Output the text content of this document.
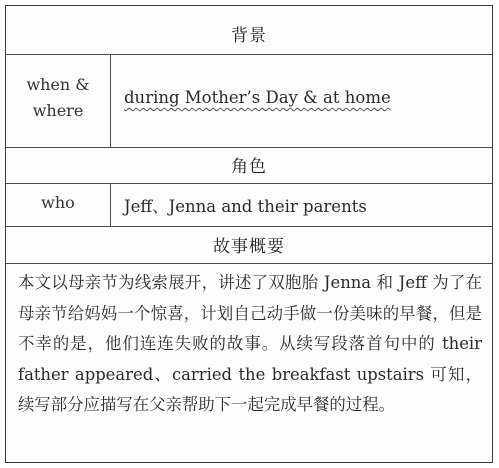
背景
when &
where
during Mother’s Day & at home
角色
who	Jeff、Jenna and their parents
故事概要

本文以母亲节为线索展开，讲述了双胞胎 Jenna 和 Jeff 为了在母亲节给妈妈一个惊喜，计划自己动手做一份美味的早餐，但是不幸的是，他们连连失败的故事。从续写段落首句中的 their father appeared、carried the breakfast upstairs 可知，续写部分应描写在父亲帮助下一起完成早餐的过程。
